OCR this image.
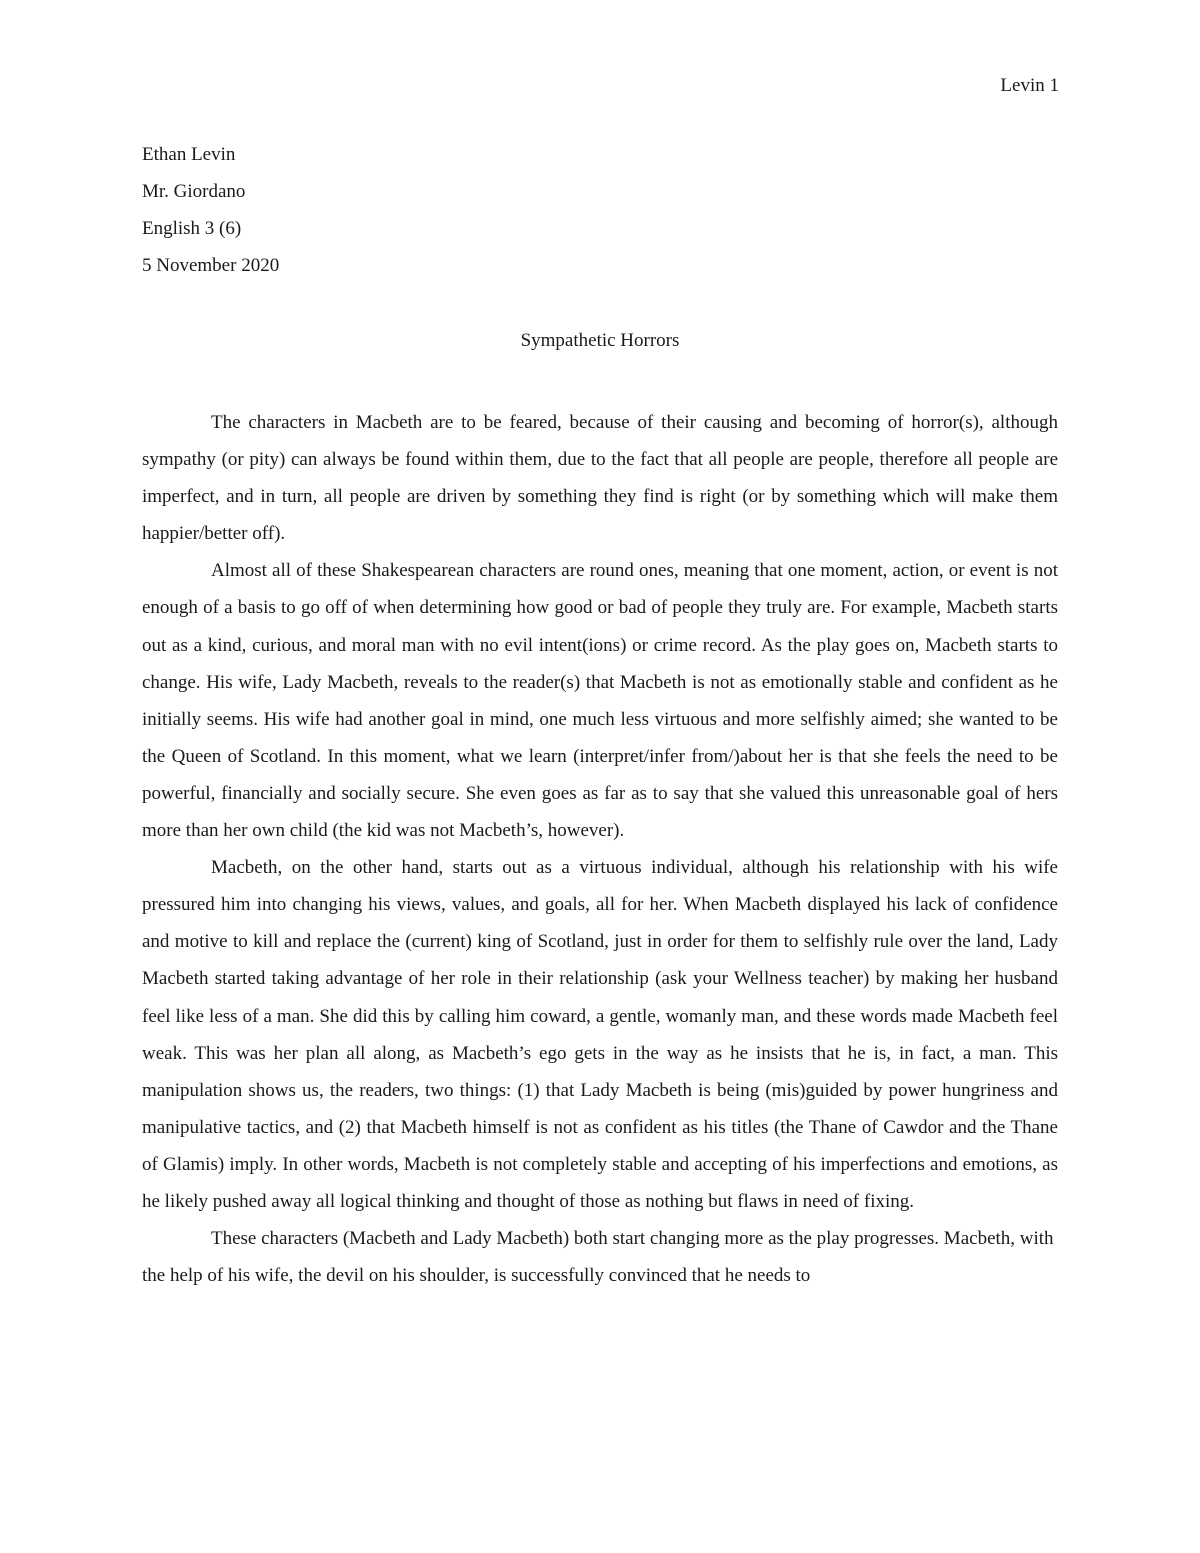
Levin 1
Ethan Levin
Mr. Giordano
English 3 (6)
5 November 2020
Sympathetic Horrors

The characters in Macbeth are to be feared, because of their causing and becoming of horror(s), although sympathy (or pity) can always be found within them, due to the fact that all people are people, therefore all people are imperfect, and in turn, all people are driven by something they find is right (or by something which will make them happier/better off).

Almost all of these Shakespearean characters are round ones, meaning that one moment, action, or event is not enough of a basis to go off of when determining how good or bad of people they truly are. For example, Macbeth starts out as a kind, curious, and moral man with no evil intent(ions) or crime record. As the play goes on, Macbeth starts to change. His wife, Lady Macbeth, reveals to the reader(s) that Macbeth is not as emotionally stable and confident as he initially seems. His wife had another goal in mind, one much less virtuous and more selfishly aimed; she wanted to be the Queen of Scotland. In this moment, what we learn (interpret/infer from/)about her is that she feels the need to be powerful, financially and socially secure. She even goes as far as to say that she valued this unreasonable goal of hers more than her own child (the kid was not Macbeth’s, however).

Macbeth, on the other hand, starts out as a virtuous individual, although his relationship with his wife pressured him into changing his views, values, and goals, all for her. When Macbeth displayed his lack of confidence and motive to kill and replace the (current) king of Scotland, just in order for them to selfishly rule over the land, Lady Macbeth started taking advantage of her role in their relationship (ask your Wellness teacher) by making her husband feel like less of a man. She did this by calling him coward, a gentle, womanly man, and these words made Macbeth feel weak. This was her plan all along, as Macbeth’s ego gets in the way as he insists that he is, in fact, a man. This manipulation shows us, the readers, two things: (1) that Lady Macbeth is being (mis)guided by power hungriness and manipulative tactics, and (2) that Macbeth himself is not as confident as his titles (the Thane of Cawdor and the Thane of Glamis) imply. In other words, Macbeth is not completely stable and accepting of his imperfections and emotions, as he likely pushed away all logical thinking and thought of those as nothing but flaws in need of fixing.

These characters (Macbeth and Lady Macbeth) both start changing more as the play progresses. Macbeth, with the help of his wife, the devil on his shoulder, is successfully convinced that he needs to
